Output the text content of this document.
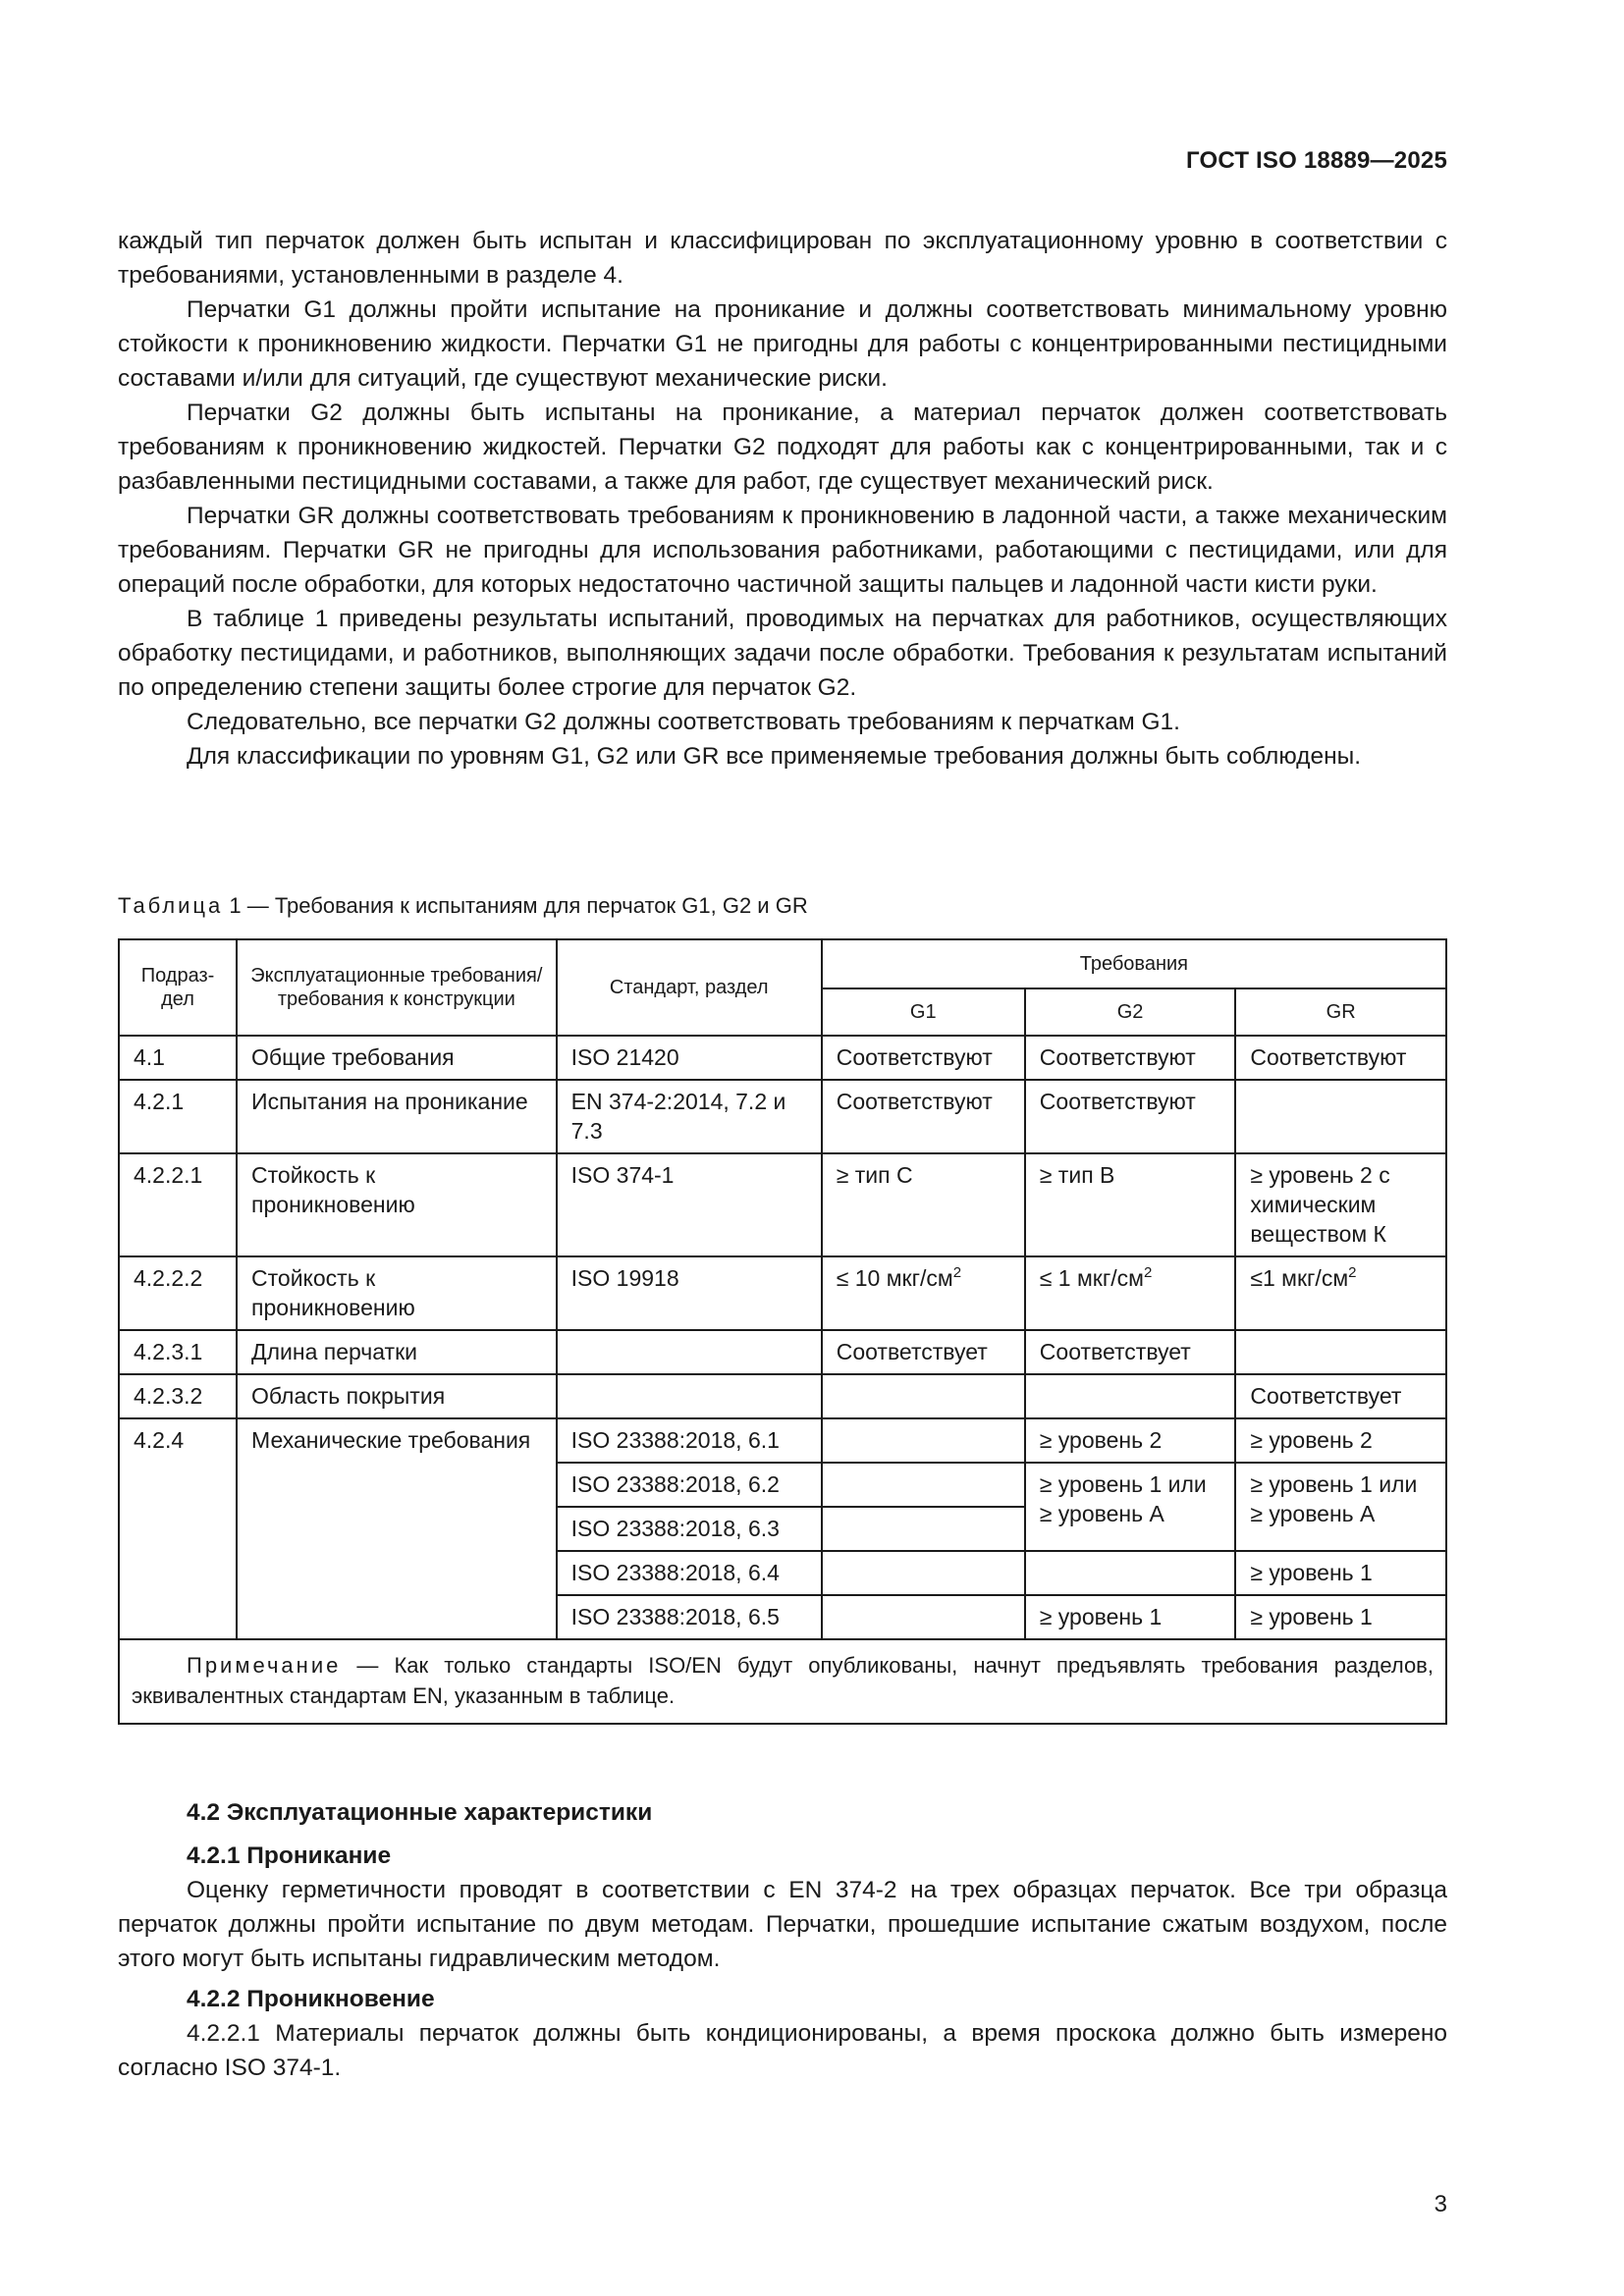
ГОСТ ISO 18889—2025

каждый тип перчаток должен быть испытан и классифицирован по эксплуатационному уровню в соответствии с требованиями, установленными в разделе 4.

Перчатки G1 должны пройти испытание на проникание и должны соответствовать минимальному уровню стойкости к проникновению жидкости. Перчатки G1 не пригодны для работы с концентрированными пестицидными составами и/или для ситуаций, где существуют механические риски.

Перчатки G2 должны быть испытаны на проникание, а материал перчаток должен соответствовать требованиям к проникновению жидкостей. Перчатки G2 подходят для работы как с концентрированными, так и с разбавленными пестицидными составами, а также для работ, где существует механический риск.

Перчатки GR должны соответствовать требованиям к проникновению в ладонной части, а также механическим требованиям. Перчатки GR не пригодны для использования работниками, работающими с пестицидами, или для операций после обработки, для которых недостаточно частичной защиты пальцев и ладонной части кисти руки.

В таблице 1 приведены результаты испытаний, проводимых на перчатках для работников, осуществляющих обработку пестицидами, и работников, выполняющих задачи после обработки. Требования к результатам испытаний по определению степени защиты более строгие для перчаток G2.

Следовательно, все перчатки G2 должны соответствовать требованиям к перчаткам G1.

Для классификации по уровням G1, G2 или GR все применяемые требования должны быть соблюдены.

Таблица 1 — Требования к испытаниям для перчаток G1, G2 и GR
Подраз-дел	Эксплуатационные требования/требования к конструкции	Стандарт, раздел	Требования		
			G1	G2	GR
4.1	Общие требования	ISO 21420	Соответствуют	Соответствуют	Соответствуют
4.2.1	Испытания на проникание	EN 374-2:2014, 7.2 и 7.3	Соответствуют	Соответствуют	
4.2.2.1	Стойкость к проникновению	ISO 374-1	≥ тип С	≥ тип В	≥ уровень 2 с химическим веществом К
4.2.2.2	Стойкость к проникновению	ISO 19918	≤ 10 мкг/$см^2$	≤ 1 мкг/$см^2$	≤1 мкг/$см^2$
4.2.3.1	Длина перчатки		Соответствует	Соответствует	
4.2.3.2	Область покрытия				Соответствует
4.2.4	Механические требования	ISO 23388:2018, 6.1		≥ уровень 2	≥ уровень 2
		ISO 23388:2018, 6.2		≥ уровень 1 или ≥ уровень А	≥ уровень 1 или ≥ уровень А
		ISO 23388:2018, 6.3			
		ISO 23388:2018, 6.4			≥ уровень 1
		ISO 23388:2018, 6.5		≥ уровень 1	≥ уровень 1
Примечание — Как только стандарты ISO/EN будут опубликованы, начнут предъявлять требования разделов, эквивалентных стандартам EN, указанным в таблице.					

4.2 Эксплуатационные характеристики

4.2.1 Проникание

Оценку герметичности проводят в соответствии с EN 374-2 на трех образцах перчаток. Все три образца перчаток должны пройти испытание по двум методам. Перчатки, прошедшие испытание сжатым воздухом, после этого могут быть испытаны гидравлическим методом.

4.2.2 Проникновение

4.2.2.1 Материалы перчаток должны быть кондиционированы, а время проскока должно быть измерено согласно ISO 374-1.

3
